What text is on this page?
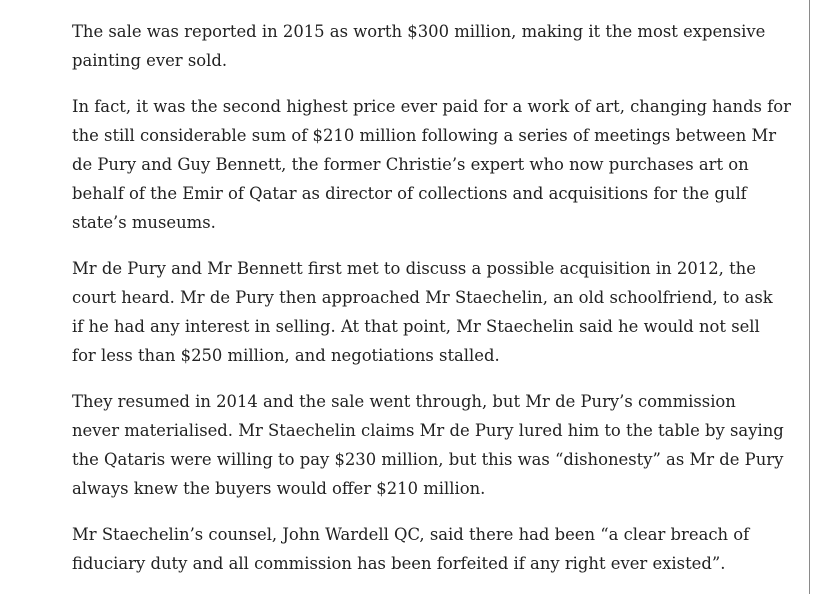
The sale was reported in 2015 as worth $300 million, making it the most expensive
painting ever sold.

In fact, it was the second highest price ever paid for a work of art, changing hands for
the still considerable sum of $210 million following a series of meetings between Mr
de Pury and Guy Bennett, the former Christie’s expert who now purchases art on
behalf of the Emir of Qatar as director of collections and acquisitions for the gulf
state’s museums.

Mr de Pury and Mr Bennett first met to discuss a possible acquisition in 2012, the
court heard. Mr de Pury then approached Mr Staechelin, an old schoolfriend, to ask
if he had any interest in selling. At that point, Mr Staechelin said he would not sell
for less than $250 million, and negotiations stalled.

They resumed in 2014 and the sale went through, but Mr de Pury’s commission
never materialised. Mr Staechelin claims Mr de Pury lured him to the table by saying
the Qataris were willing to pay $230 million, but this was “dishonesty” as Mr de Pury
always knew the buyers would offer $210 million.

Mr Staechelin’s counsel, John Wardell QC, said there had been “a clear breach of
fiduciary duty and all commission has been forfeited if any right ever existed”.
